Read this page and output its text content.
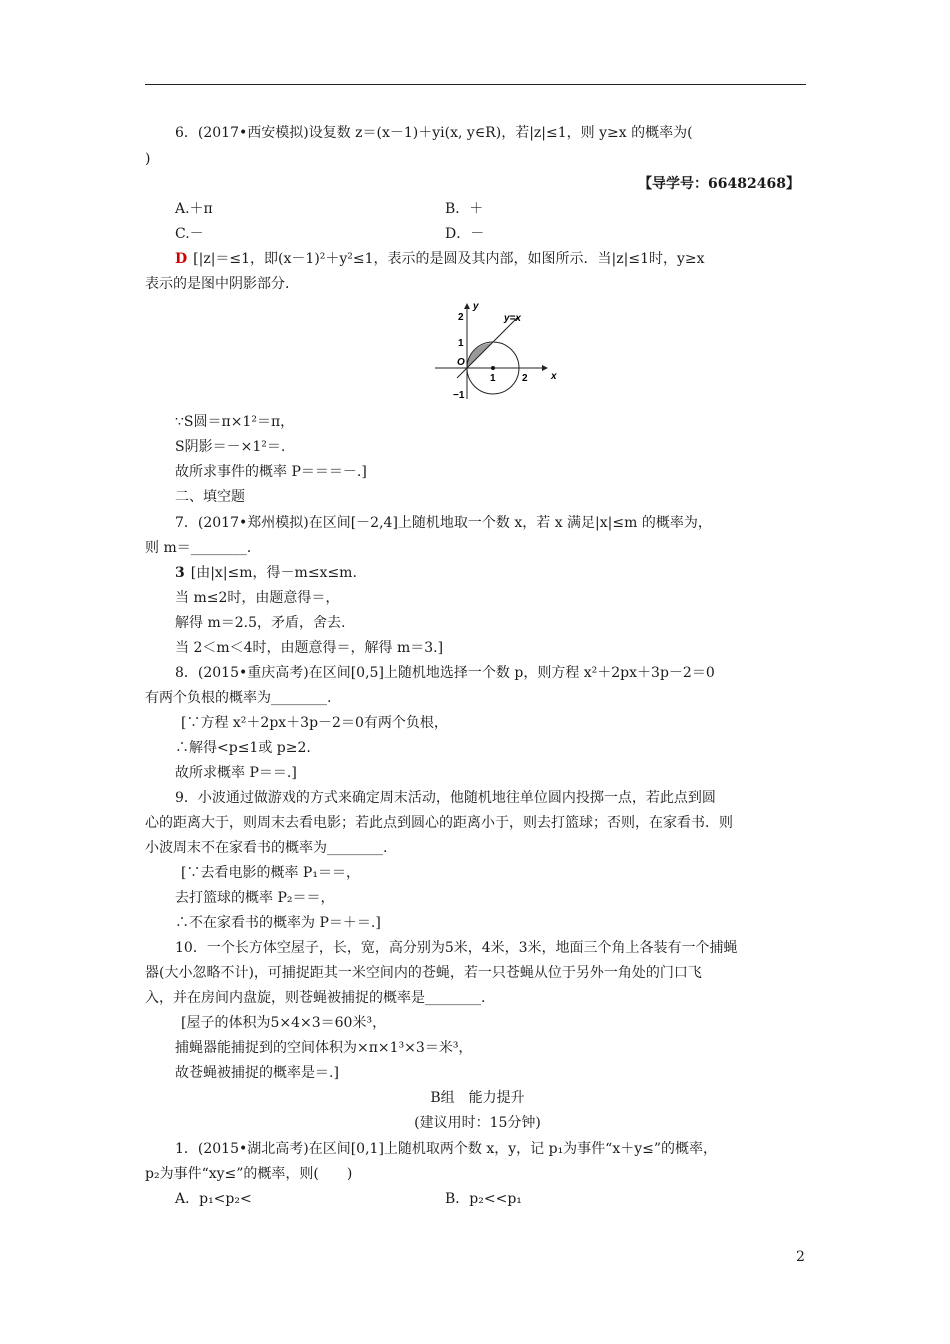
6．(2017•西安模拟)设复数 z＝(x－1)＋yi(x, y∈R)，若|z|≤1，则 y≥x 的概率为(
)
【导学号：66482468】
A.＋π	B．＋
C.－	D．－
D [|z|＝≤1，即(x－1)²＋y²≤1，表示的是圆及其内部，如图所示．当|z|≤1时，y≥x
表示的是图中阴影部分．
y=x
y
x
O
1	2
1
2
−1
∵S圆＝π×1²＝π，
S阴影＝－×1²＝.
故所求事件的概率 P＝＝＝－.]
二、填空题
7．(2017•郑州模拟)在区间[－2,4]上随机地取一个数 x，若 x 满足|x|≤m 的概率为，
则 m＝________.
3 [由|x|≤m，得－m≤x≤m.
当 m≤2时，由题意得＝，
解得 m＝2.5，矛盾，舍去.
当 2＜m＜4时，由题意得＝，解得 m＝3.]
8．(2015•重庆高考)在区间[0,5]上随机地选择一个数 p，则方程 x²＋2px＋3p－2＝0
有两个负根的概率为________.
[∵方程 x²＋2px＋3p－2＝0有两个负根，
∴解得<p≤1或 p≥2.
故所求概率 P＝＝.]
9．小波通过做游戏的方式来确定周末活动，他随机地往单位圆内投掷一点，若此点到圆
心的距离大于，则周末去看电影；若此点到圆心的距离小于，则去打篮球；否则，在家看书．则
小波周末不在家看书的概率为________.
[∵去看电影的概率 P₁＝＝，
去打篮球的概率 P₂＝＝，
∴不在家看书的概率为 P＝＋＝.]
10．一个长方体空屋子，长，宽，高分别为5米，4米，3米，地面三个角上各装有一个捕蝇
器(大小忽略不计)，可捕捉距其一米空间内的苍蝇，若一只苍蝇从位于另外一角处的门口飞
入，并在房间内盘旋，则苍蝇被捕捉的概率是________.
[屋子的体积为5×4×3＝60米³，
捕蝇器能捕捉到的空间体积为×π×1³×3＝米³，
故苍蝇被捕捉的概率是＝.]
B组　能力提升
(建议用时：15分钟)
1．(2015•湖北高考)在区间[0,1]上随机取两个数 x，y，记 p₁为事件“x＋y≤”的概率，
p₂为事件“xy≤”的概率，则(　　)
A．p₁<p₂<	B．p₂<<p₁
2
